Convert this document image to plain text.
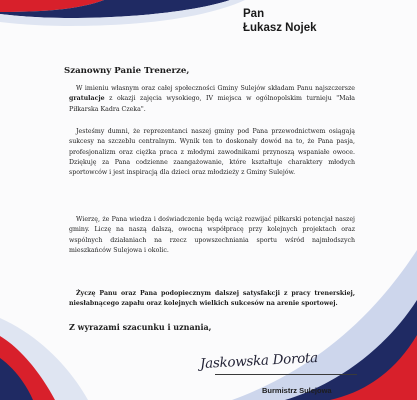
Pan
Łukasz Nojek
Szanowny Panie Trenerze,

W imieniu własnym oraz całej społeczności Gminy Sulejów składam Panu najszczersze gratulacje z okazji zajęcia wysokiego, IV miejsca w ogólnopolskim turnieju "Mała Piłkarska Kadra Czeka".

Jesteśmy dumni, że reprezentanci naszej gminy pod Pana przewodnictwem osiągają sukcesy na szczeblu centralnym. Wynik ten to doskonały dowód na to, że Pana pasja, profesjonalizm oraz ciężka praca z młodymi zawodnikami przynoszą wspaniałe owoce. Dziękuję za Pana codzienne zaangażowanie, które kształtuje charaktery młodych sportowców i jest inspiracją dla dzieci oraz młodzieży z Gminy Sulejów.

Wierzę, że Pana wiedza i doświadczenie będą wciąż rozwijać piłkarski potencjał naszej gminy. Liczę na naszą dalszą, owocną współpracę przy kolejnych projektach oraz wspólnych działaniach na rzecz upowszechniania sportu wśród najmłodszych mieszkańców Sulejowa i okolic.

Życzę Panu oraz Pana podopiecznym dalszej satysfakcji z pracy trenerskiej, niesłabnącego zapału oraz kolejnych wielkich sukcesów na arenie sportowej.

Z wyrazami szacunku i uznania,
Jaskowska Dorota
Burmistrz Sulejowa
